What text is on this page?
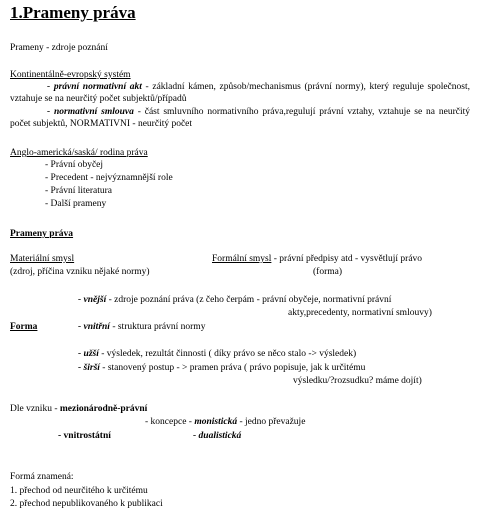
1.Prameny práva
Prameny - zdroje poznání
Kontinentálně-evropský systém
- právní normativní akt - základní kámen, způsob/mechanismus (právní normy), který reguluje společnost, vztahuje se na neurčitý počet subjektů/případů
- normativní smlouva - část smluvního normativního práva,regulují právní vztahy, vztahuje se na neurčitý počet subjektů, NORMATIVNI - neurčitý počet
Anglo-americká/saská/ rodina práva
- Právní obyčej
- Precedent - nejvýznamnější role
- Právní literatura
- Další prameny
Prameny práva
Materiální smysl
(zdroj, příčina vzniku nějaké normy)
Formální smysl - právní předpisy atd - vysvětlují právo
(forma)
- vnější - zdroje poznání práva (z čeho čerpám - právní obyčeje, normativní právní
akty,precedenty, normativní smlouvy)
Forma	- vnitřní - struktura právní normy
- užší - výsledek, rezultát činnosti ( díky právo se něco stalo -> výsledek)
- širší - stanovený postup - > pramen práva ( právo popisuje, jak k určitému
výsledku/?rozsudku? máme dojít)
Dle vzniku - mezionárodně-právní
- koncepce - monistická - jedno převažuje
- vnitrostátní	- dualistická
Formá znamená:
1. přechod od neurčitého k určitému
2. přechod nepublikovaného k publikaci
